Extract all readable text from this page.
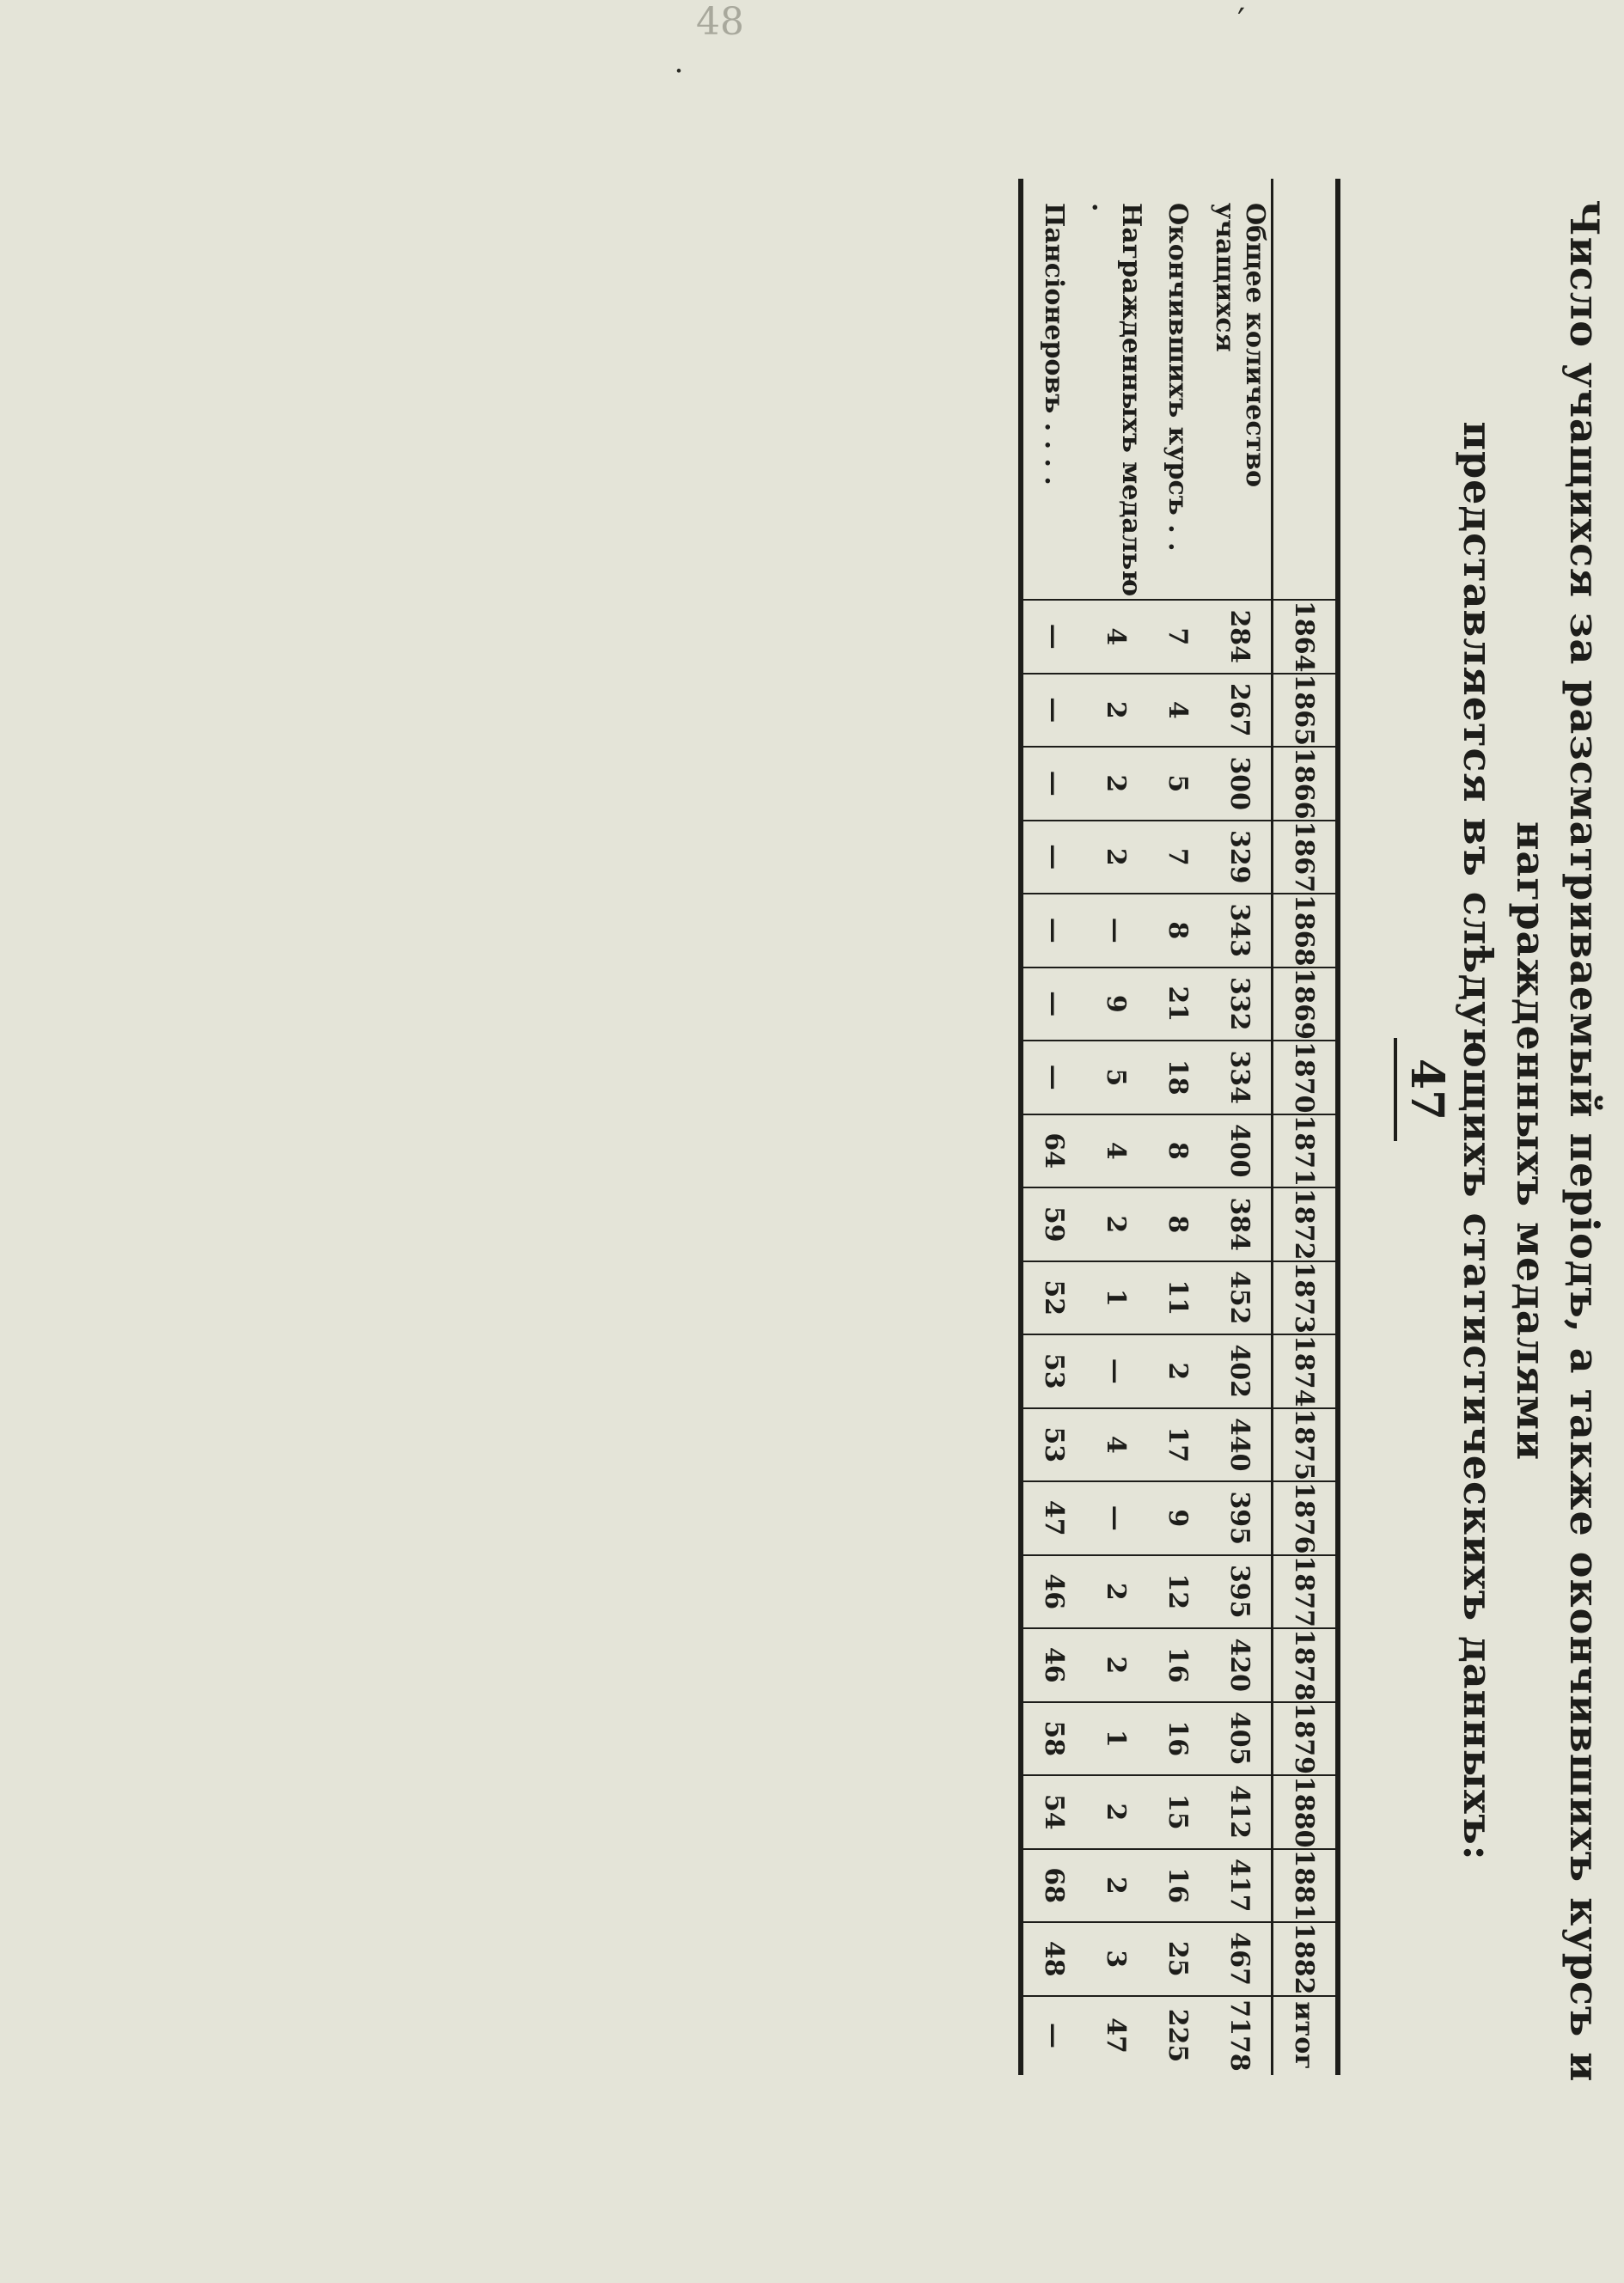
48
Число учащихся за разсматриваемый періодъ, а также окончившихъ курсъ и награжденныхъ медалями
представляется въ слѣдующихъ статистическихъ данныхъ:
47
	1864	1865	1866	1867	1868	1869	1870	1871	1872	1873	1874	1875	1876	1877	1878	1879	1880	1881	1882	итог
Общее количество учащихся	284	267	300	329	343	332	334	400	384	452	402	440	395	395	420	405	412	417	467	7178
Окончившихъ курсъ . .	7	4	5	7	8	21	18	8	8	11	2	17	9	12	16	16	15	16	25	225
Награжденныхъ медалью .	4	2	2	2	—	9	5	4	2	1	—	4	—	2	2	1	2	2	3	47
Пансіонеровъ . . . .	—	—	—	—	—	—	—	64	59	52	53	53	47	46	46	58	54	68	48	—
′
˙
